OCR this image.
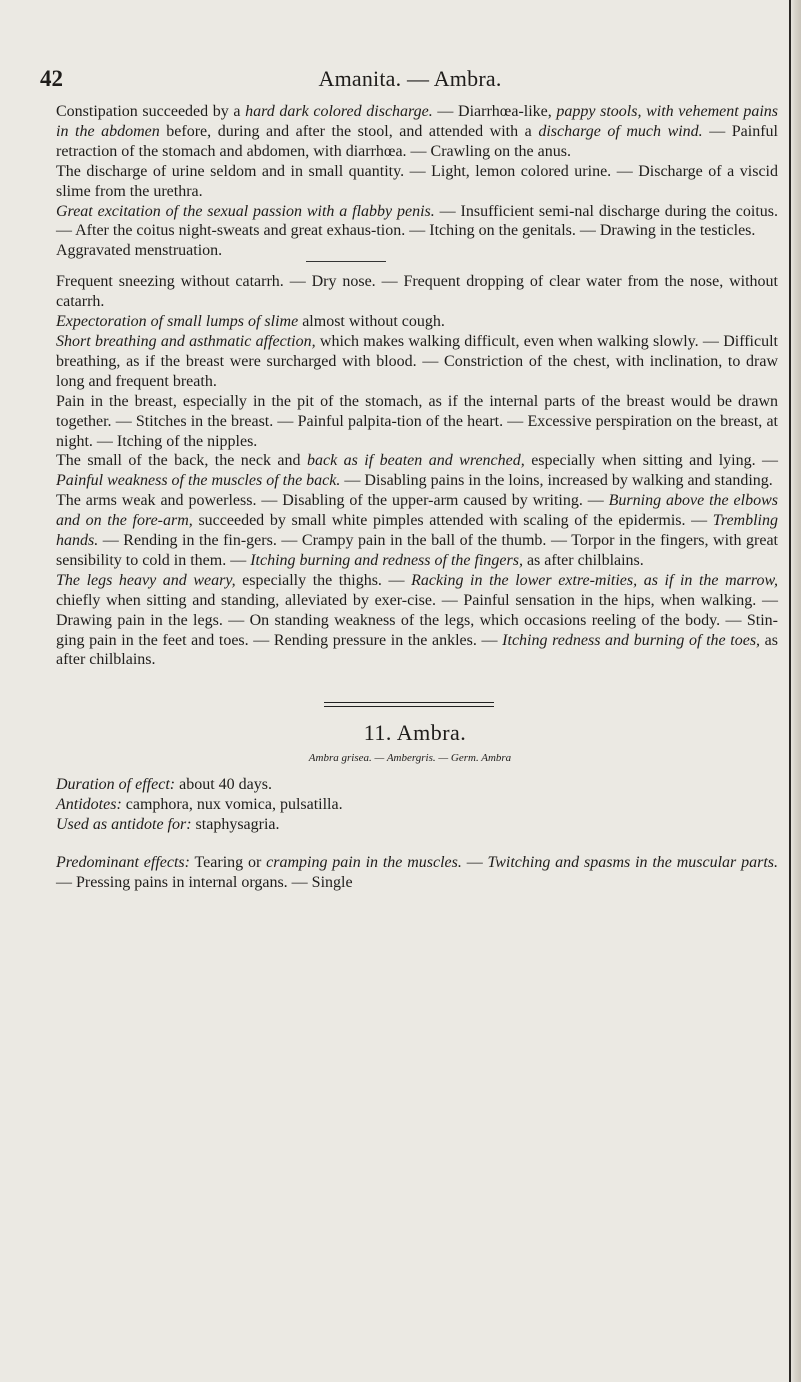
42	Amanita. — Ambra.

Constipation succeeded by a hard dark colored discharge. — Diarrhœa-like, pappy stools, with vehement pains in the abdomen before, during and after the stool, and attended with a discharge of much wind. — Painful retraction of the stomach and abdomen, with diarrhœa. — Crawling on the anus.

The discharge of urine seldom and in small quantity. — Light, lemon colored urine. — Discharge of a viscid slime from the urethra.

Great excitation of the sexual passion with a flabby penis. — Insufficient semi-nal discharge during the coitus. — After the coitus night-sweats and great exhaus-tion. — Itching on the genitals. — Drawing in the testicles.

Aggravated menstruation.

Frequent sneezing without catarrh. — Dry nose. — Frequent dropping of clear water from the nose, without catarrh.

Expectoration of small lumps of slime almost without cough.

Short breathing and asthmatic affection, which makes walking difficult, even when walking slowly. — Difficult breathing, as if the breast were surcharged with blood. — Constriction of the chest, with inclination, to draw long and frequent breath.

Pain in the breast, especially in the pit of the stomach, as if the internal parts of the breast would be drawn together. — Stitches in the breast. — Painful palpita-tion of the heart. — Excessive perspiration on the breast, at night. — Itching of the nipples.

The small of the back, the neck and back as if beaten and wrenched, especially when sitting and lying. — Painful weakness of the muscles of the back. — Disabling pains in the loins, increased by walking and standing.

The arms weak and powerless. — Disabling of the upper-arm caused by writing. — Burning above the elbows and on the fore-arm, succeeded by small white pimples attended with scaling of the epidermis. — Trembling hands. — Rending in the fin-gers. — Crampy pain in the ball of the thumb. — Torpor in the fingers, with great sensibility to cold in them. — Itching burning and redness of the fingers, as after chilblains.

The legs heavy and weary, especially the thighs. — Racking in the lower extre-mities, as if in the marrow, chiefly when sitting and standing, alleviated by exer-cise. — Painful sensation in the hips, when walking. — Drawing pain in the legs. — On standing weakness of the legs, which occasions reeling of the body. — Stin-ging pain in the feet and toes. — Rending pressure in the ankles. — Itching redness and burning of the toes, as after chilblains.

11. Ambra.
Ambra grisea. — Ambergris. — Germ. Ambra

Duration of effect: about 40 days.

Antidotes: camphora, nux vomica, pulsatilla.

Used as antidote for: staphysagria.

Predominant effects: Tearing or cramping pain in the muscles. — Twitching and spasms in the muscular parts. — Pressing pains in internal organs. — Single
